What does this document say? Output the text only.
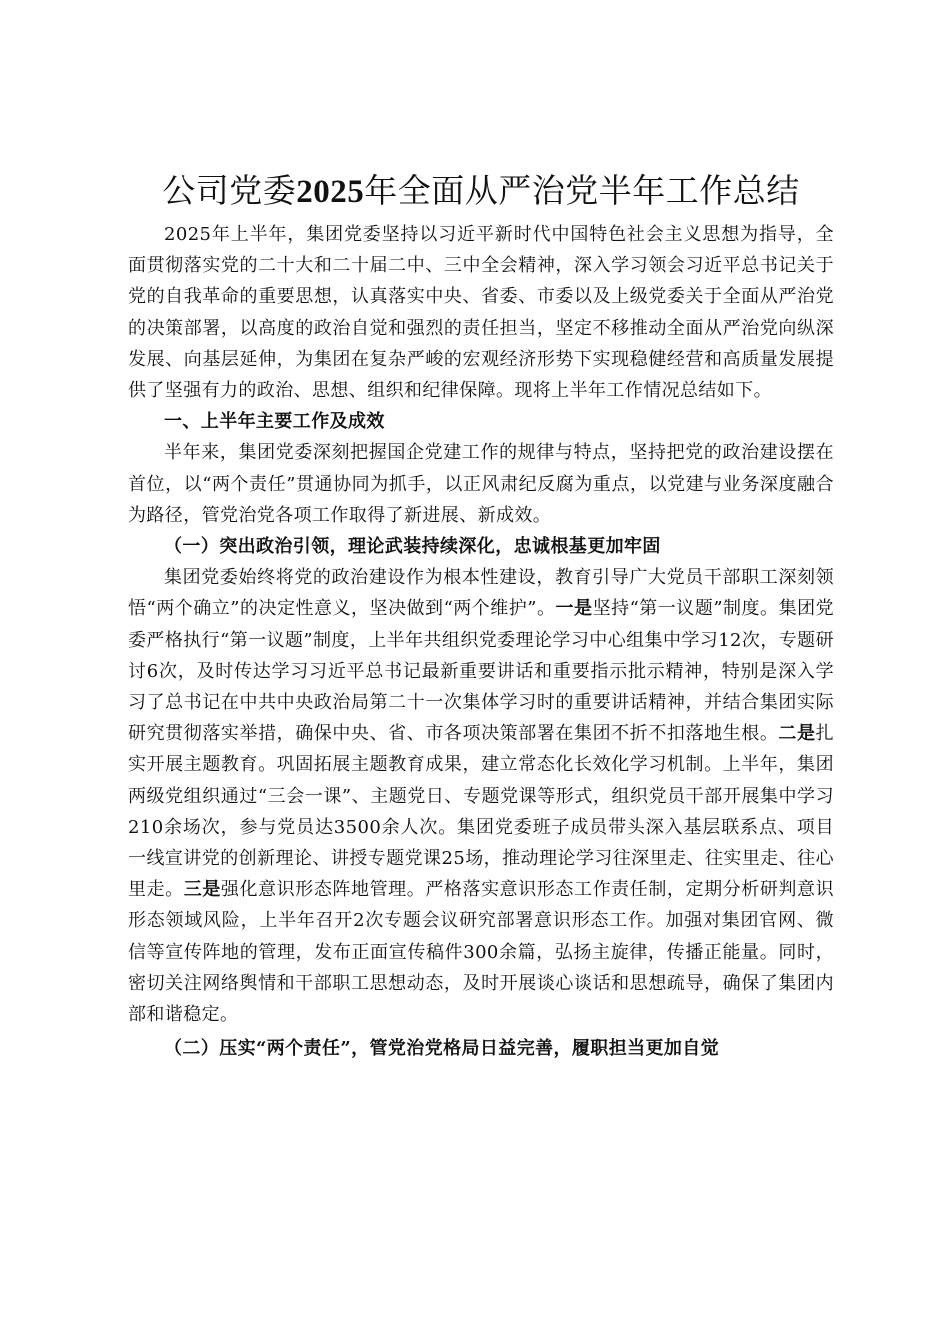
公司党委2025年全面从严治党半年工作总结

2025年上半年，集团党委坚持以习近平新时代中国特色社会主义思想为指导，全面贯彻落实党的二十大和二十届二中、三中全会精神，深入学习领会习近平总书记关于党的自我革命的重要思想，认真落实中央、省委、市委以及上级党委关于全面从严治党的决策部署，以高度的政治自觉和强烈的责任担当，坚定不移推动全面从严治党向纵深发展、向基层延伸，为集团在复杂严峻的宏观经济形势下实现稳健经营和高质量发展提供了坚强有力的政治、思想、组织和纪律保障。现将上半年工作情况总结如下。

一、上半年主要工作及成效

半年来，集团党委深刻把握国企党建工作的规律与特点，坚持把党的政治建设摆在首位，以“两个责任”贯通协同为抓手，以正风肃纪反腐为重点，以党建与业务深度融合为路径，管党治党各项工作取得了新进展、新成效。

（一）突出政治引领，理论武装持续深化，忠诚根基更加牢固

集团党委始终将党的政治建设作为根本性建设，教育引导广大党员干部职工深刻领悟“两个确立”的决定性意义，坚决做到“两个维护”。一是坚持“第一议题”制度。集团党委严格执行“第一议题”制度，上半年共组织党委理论学习中心组集中学习12次，专题研讨6次，及时传达学习习近平总书记最新重要讲话和重要指示批示精神，特别是深入学习了总书记在中共中央政治局第二十一次集体学习时的重要讲话精神，并结合集团实际研究贯彻落实举措，确保中央、省、市各项决策部署在集团不折不扣落地生根。二是扎实开展主题教育。巩固拓展主题教育成果，建立常态化长效化学习机制。上半年，集团两级党组织通过“三会一课”、主题党日、专题党课等形式，组织党员干部开展集中学习210余场次，参与党员达3500余人次。集团党委班子成员带头深入基层联系点、项目一线宣讲党的创新理论、讲授专题党课25场，推动理论学习往深里走、往实里走、往心里走。三是强化意识形态阵地管理。严格落实意识形态工作责任制，定期分析研判意识形态领域风险，上半年召开2次专题会议研究部署意识形态工作。加强对集团官网、微信等宣传阵地的管理，发布正面宣传稿件300余篇，弘扬主旋律，传播正能量。同时，密切关注网络舆情和干部职工思想动态，及时开展谈心谈话和思想疏导，确保了集团内部和谐稳定。

（二）压实“两个责任”，管党治党格局日益完善，履职担当更加自觉
